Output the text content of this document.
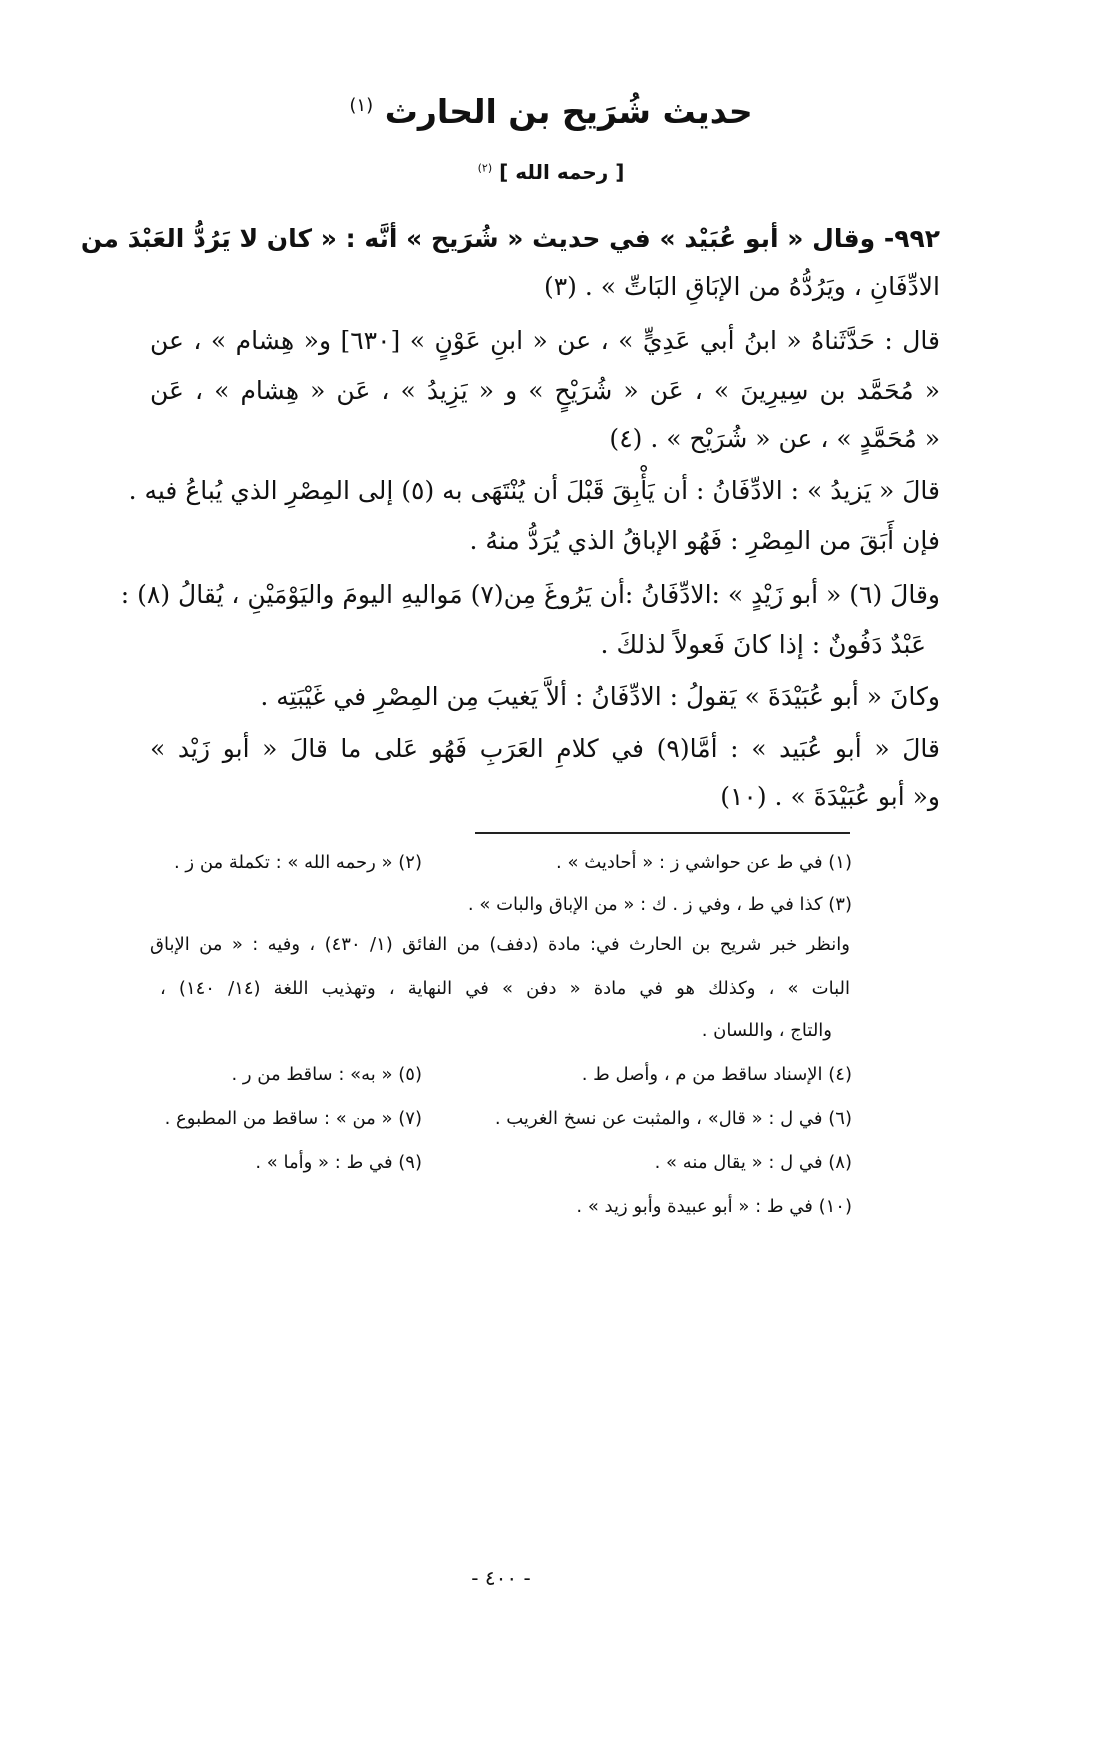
حديث شُرَيح بن الحارث $^{(١)}$
[ رحمه الله ] $^{(٢)}$
٩٩٢- وقال « أبو عُبَيْد » في حديث « شُرَيح » أنَّه : « كان لا يَرُدُّ العَبْدَ من
الادِّفَانِ ، ويَرُدُّهُ من الإبَاقِ البَاتِّ » . (٣)
قال : حَدَّثَناهُ « ابنُ أبي عَدِيٍّ » ، عن « ابنِ عَوْنٍ » [٦٣٠] و« هِشام » ، عن
« مُحَمَّد بن سِيرِينَ » ، عَن « شُرَيْحٍ » و « يَزِيدُ » ، عَن « هِشام » ، عَن
« مُحَمَّدٍ » ، عن « شُرَيْح » . (٤)
قالَ « يَزيدُ » : الادِّفَانُ : أن يَأْبِقَ قَبْلَ أن يُنْتَهَى به (٥) إلى المِصْرِ الذي يُباعُ فيه .
فإن أَبَقَ من المِصْرِ : فَهُو الإباقُ الذي يُرَدُّ منهُ .
وقالَ (٦) « أبو زَيْدٍ » :الادِّفَانُ :أن يَرُوغَ مِن(٧) مَواليهِ اليومَ واليَوْمَيْنِ ، يُقالُ (٨) :
عَبْدٌ دَفُونٌ : إذا كانَ فَعولاً لذلكَ .
وكانَ « أبو عُبَيْدَةَ » يَقولُ : الادِّفَانُ : ألاَّ يَغيبَ مِن المِصْرِ في غَيْبَتِه .
قالَ « أبو عُبَيد » : أمَّا(٩) في كلامِ العَرَبِ فَهُو عَلى ما قالَ « أبو زَيْد »
و« أبو عُبَيْدَةَ » . (١٠)
(١) في ط عن حواشي ز : « أحاديث » .
(٢) « رحمه الله » : تكملة من ز .
(٣) كذا في ط ، وفي ز . ك : « من الإباق والبات » .
وانظر خبر شريح بن الحارث في: مادة (دفف) من الفائق (١/ ٤٣٠) ، وفيه : « من الإباق
البات » ، وكذلك هو في مادة « دفن » في النهاية ، وتهذيب اللغة (١٤/ ١٤٠) ،
والتاج ، واللسان .
(٤) الإسناد ساقط من م ، وأصل ط .
(٥) « به» : ساقط من ر .
(٦) في ل : « قال» ، والمثبت عن نسخ الغريب .
(٧) « من » : ساقط من المطبوع .
(٨) في ل : « يقال منه » .
(٩) في ط : « وأما » .
(١٠) في ط : « أبو عبيدة وأبو زيد » .
- ٤٠٠ -
